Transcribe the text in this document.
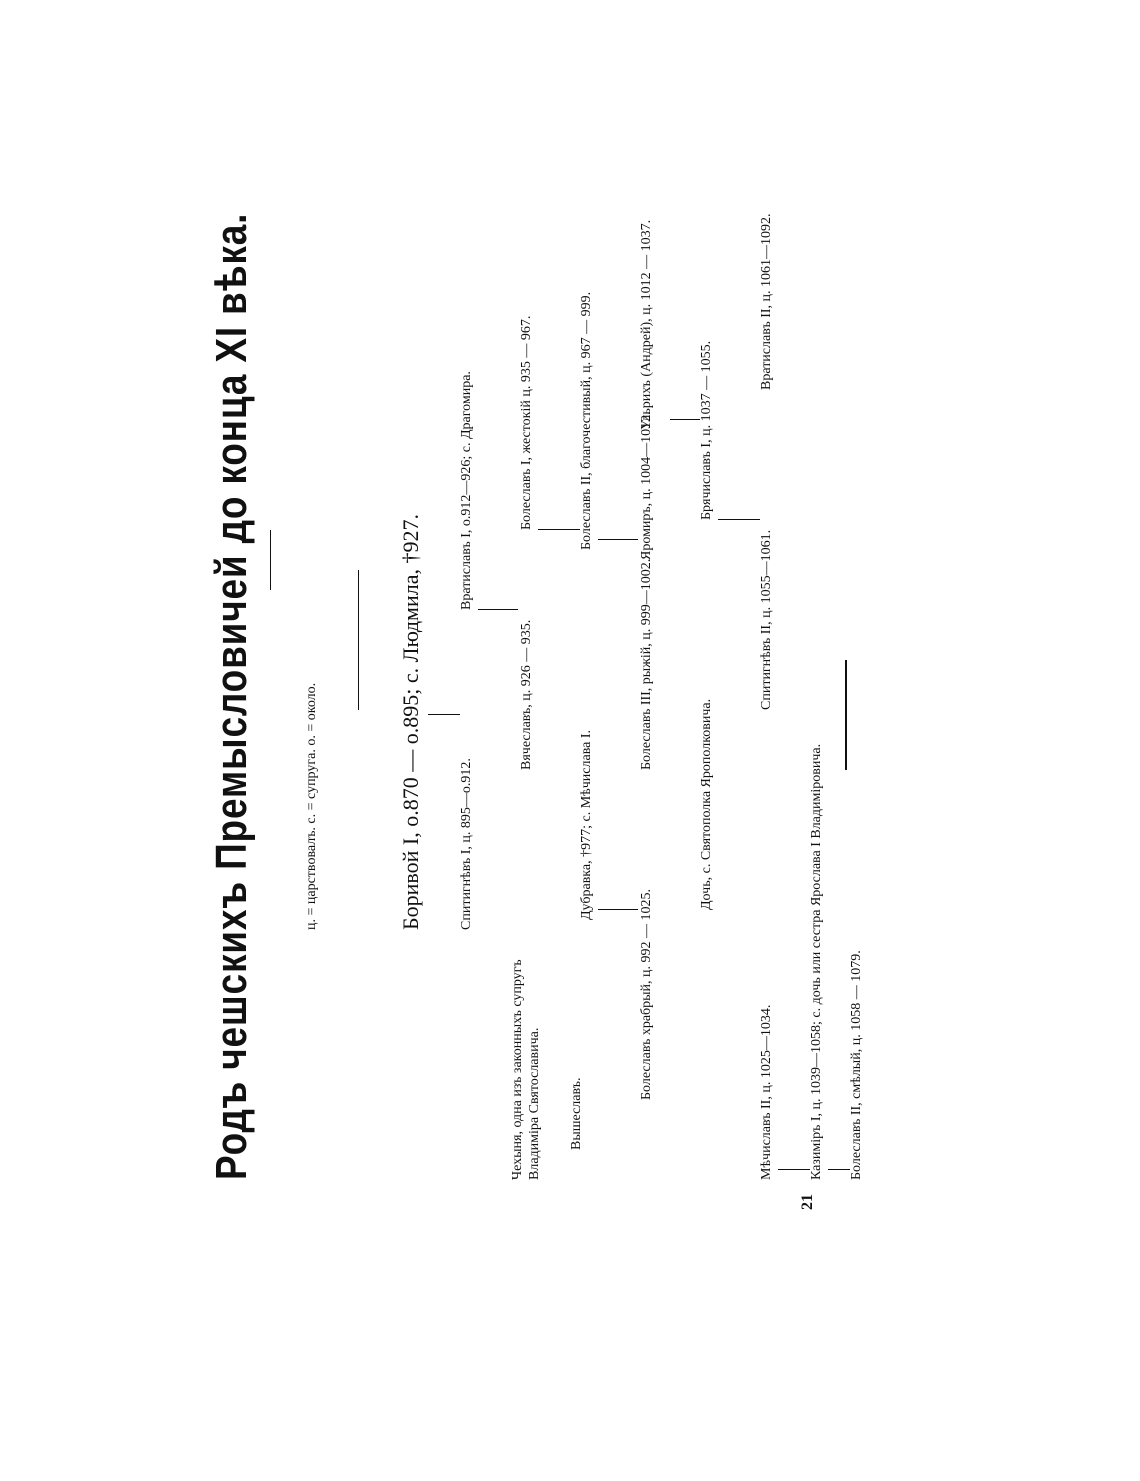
Родъ чешскихъ Премысловичей до конца XI вѣка.	ц. = царствовалъ. с. = супруга. о. = около.	Боривой I, о.870 — о.895; с. Людмила, †927.	Спитигнѣвъ I, ц. 895—о.912.
Вратиславъ I, о.912—926; с. Драгомира.
Вячеславъ, ц. 926 — 935.
Болеславъ I, жестокій ц. 935 — 967.
Дубравка, †977; с. Мѣчислава I.
Болеславъ II, благочестивый, ц. 967 — 999.
Болеславъ храбрый, ц. 992 — 1025.
Болеславъ III, рыжій, ц. 999—1002.
Яромиръ, ц. 1004—1012.
Ульрихъ (Андрей), ц. 1012 — 1037.
Дочь, с. Святополка Ярополковича.
Брячиславъ I, ц. 1037 — 1055.
Мѣчиславъ II, ц. 1025—1034.
Спитигнѣвъ II, ц. 1055—1061.
Вратиславъ II, ц. 1061—1092.
Казиміръ I, ц. 1039—1058; с. дочь или сестра Ярослава I Владиміровича. Болеславъ II, смѣлый, ц. 1058 — 1079.
Чехыня, одна изъ законныхъ супругъ Владиміра Святославича. Вышеславъ.
21
